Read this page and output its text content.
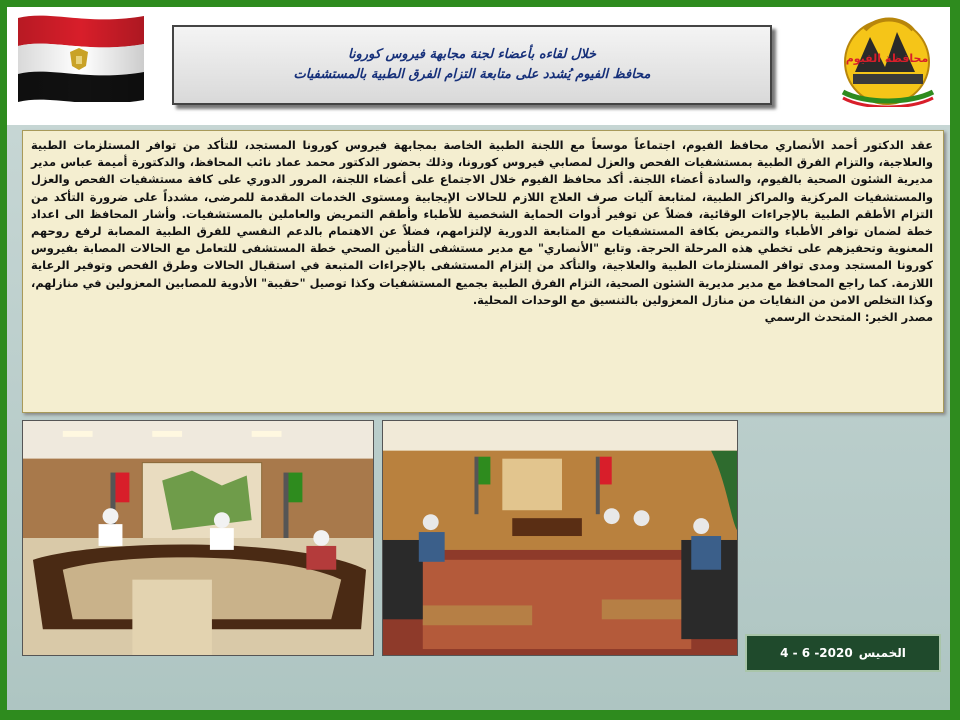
خلال لقاءه بأعضاء لجنة مجابهة فيروس كورونا
محافظ الفيوم يُشدد على متابعة التزام الفرق الطبية بالمستشفيات
محافظة الفيوم

عقد الدكتور أحمد الأنصاري محافظ الفيوم، اجتماعاً موسعاً مع اللجنة الطبية الخاصة بمجابهة فيروس كورونا المستجد، للتأكد من توافر المستلزمات الطبية والعلاجية، والتزام الفرق الطبية بمستشفيات الفحص والعزل لمصابي فيروس كورونا، وذلك بحضور الدكتور محمد عماد نائب المحافظ، والدكتورة أميمة عباس مدير مديرية الشئون الصحية بالفيوم، والسادة أعضاء اللجنة. أكد محافظ الفيوم خلال الاجتماع على أعضاء اللجنة، المرور الدوري على كافة مستشفيات الفحص والعزل والمستشفيات المركزية والمراكز الطبية، لمتابعة آليات صرف العلاج اللازم للحالات الإيجابية ومستوى الخدمات المقدمة للمرضى، مشدداً على ضرورة التأكد من التزام الأطقم الطبية بالإجراءات الوقائية، فضلاً عن توفير أدوات الحماية الشخصية للأطباء وأطقم التمريض والعاملين بالمستشفيات. وأشار المحافظ الى اعداد خطة لضمان توافر الأطباء والتمريض بكافة المستشفيات مع المتابعة الدورية لإلتزامهم، فضلاً عن الاهتمام بالدعم النفسي للفرق الطبية المصابة لرفع روحهم المعنوية وتحفيزهم على تخطي هذه المرحلة الحرجة. وتابع "الأنصاري" مع مدير مستشفى التأمين الصحي خطة المستشفى للتعامل مع الحالات المصابة بفيروس كورونا المستجد ومدى توافر المستلزمات الطبية والعلاجية، والتأكد من إلتزام المستشفى بالإجراءات المتبعة في استقبال الحالات وطرق الفحص وتوفير الرعاية اللازمة. كما راجع المحافظ مع مدير مديرية الشئون الصحية، التزام الفرق الطبية بجميع المستشفيات وكذا توصيل "حقيبة" الأدوية للمصابين المعزولين في منازلهم، وكذا التخلص الامن من النفايات من منازل المعزولين بالتنسيق مع الوحدات المحلية.

مصدر الخبر: المتحدث الرسمي

الخميس
4 - 6 -2020
